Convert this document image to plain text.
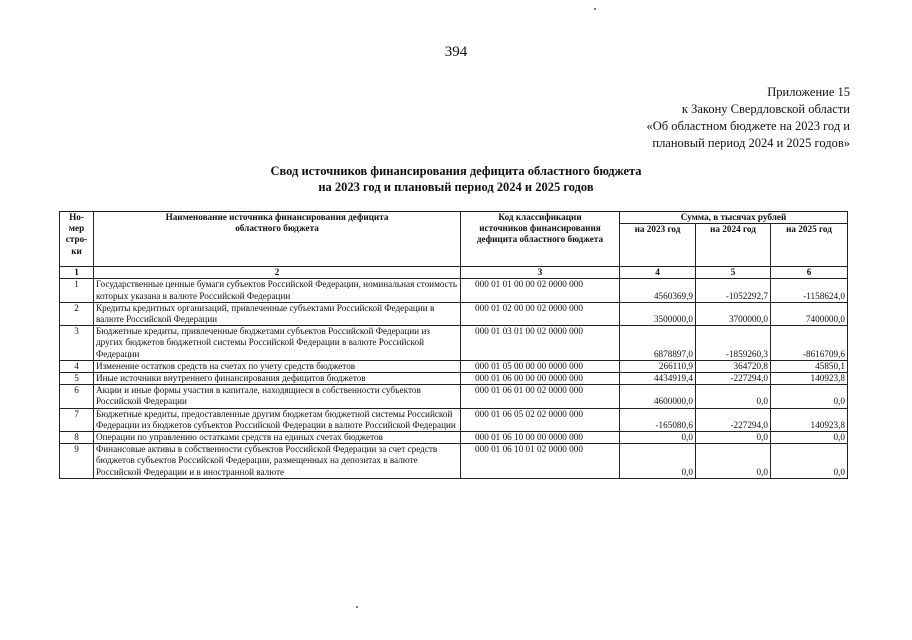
394
Приложение 15
к Закону Свердловской области
«Об областном бюджете на 2023 год и
плановый период 2024 и 2025 годов»
Свод источников финансирования дефицита областного бюджета
на 2023 год и плановый период 2024 и 2025 годов
Но-
мер
стро-
ки	Наименование источника финансирования дефицита
областного бюджета	Код классификации
источников финансирования
дефицита областного бюджета	Сумма, в тысячах рублей		
			на 2023 год	на 2024 год	на 2025 год
1	2	3	4	5	6
1	Государственные ценные бумаги субъектов Российской Федерации, номинальная стоимость которых указана в валюте Российской Федерации	000 01 01 00 00 02 0000 000	4560369,9	-1052292,7	-1158624,0
2	Кредиты кредитных организаций, привлеченные субъектами Российской Федерации в валюте Российской Федерации	000 01 02 00 00 02 0000 000	3500000,0	3700000,0	7400000,0
3	Бюджетные кредиты, привлеченные бюджетами субъектов Российской Федерации из других бюджетов бюджетной системы Российской Федерации в валюте Российской Федерации	000 01 03 01 00 02 0000 000	6878897,0	-1859260,3	-8616709,6
4	Изменение остатков средств на счетах по учету средств бюджетов	000 01 05 00 00 00 0000 000	266110,9	364720,8	45850,1
5	Иные источники внутреннего финансирования дефицитов бюджетов	000 01 06 00 00 00 0000 000	4434919,4	-227294,0	140923,8
6	Акции и иные формы участия в капитале, находящиеся в собственности субъектов Российской Федерации	000 01 06 01 00 02 0000 000	4600000,0	0,0	0,0
7	Бюджетные кредиты, предоставленные другим бюджетам бюджетной системы Российской Федерации из бюджетов субъектов Российской Федерации в валюте Российской Федерации	000 01 06 05 02 02 0000 000	-165080,6	-227294,0	140923,8
8	Операции по управлению остатками средств на единых счетах бюджетов	000 01 06 10 00 00 0000 000	0,0	0,0	0,0
9	Финансовые активы в собственности субъектов Российской Федерации за счет средств бюджетов субъектов Российской Федерации, размещенных на депозитах в валюте Российской Федерации и в иностранной валюте	000 01 06 10 01 02 0000 000	0,0	0,0	0,0
